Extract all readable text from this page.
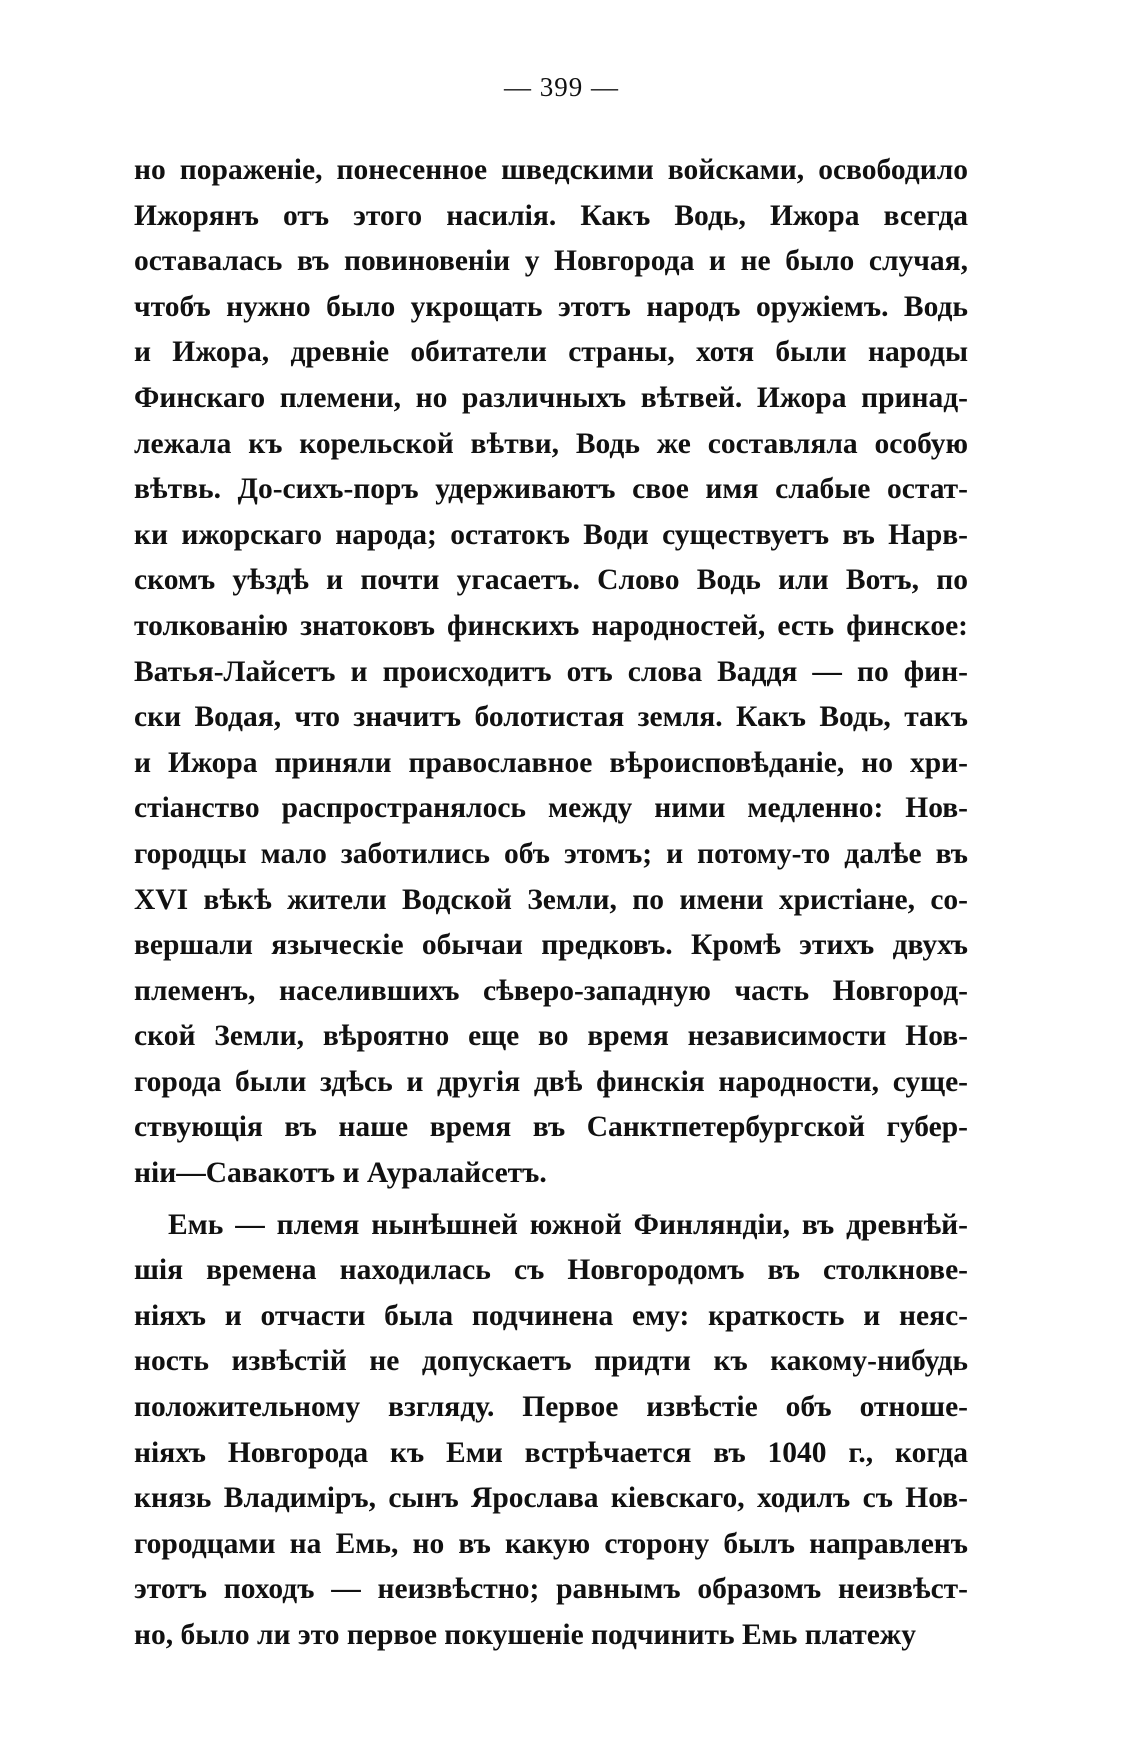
— 399 —
но пораженіе, понесенное шведскими войсками, освободило
Ижорянъ отъ этого насилія. Какъ Водь, Ижора всегда
оставалась въ повиновеніи у Новгорода и не было случая,
чтобъ нужно было укрощать этотъ народъ оружіемъ. Водь
и Ижора, древніе обитатели страны, хотя были народы
Финскаго племени, но различныхъ вѣтвей. Ижора принад-
лежала къ корельской вѣтви, Водь же составляла особую
вѣтвь. До-сихъ-поръ удерживаютъ свое имя слабые остат-
ки ижорскаго народа; остатокъ Води существуетъ въ Нарв-
скомъ уѣздѣ и почти угасаетъ. Слово Водь или Вотъ, по
толкованію знатоковъ финскихъ народностей, есть финское:
Ватья-Лайсетъ и происходитъ отъ слова Ваддя — по фин-
ски Водая, что значитъ болотистая земля. Какъ Водь, такъ
и Ижора приняли православное вѣроисповѣданіе, но хри-
стіанство распространялось между ними медленно: Нов-
городцы мало заботились объ этомъ; и потому-то далѣе въ
XVI вѣкѣ жители Водской Земли, по имени христіане, со-
вершали языческіе обычаи предковъ. Кромѣ этихъ двухъ
племенъ, населившихъ сѣверо-западную часть Новгород-
ской Земли, вѣроятно еще во время независимости Нов-
города были здѣсь и другія двѣ финскія народности, суще-
ствующія въ наше время въ Санктпетербургской губер-
ніи—Савакотъ и Ауралайсетъ.
Емь — племя нынѣшней южной Финляндіи, въ древнѣй-
шія времена находилась съ Новгородомъ въ столкнове-
ніяхъ и отчасти была подчинена ему: краткость и неяс-
ность извѣстій не допускаетъ придти къ какому-нибудь
положительному взгляду. Первое извѣстіе объ отноше-
ніяхъ Новгорода къ Еми встрѣчается въ 1040 г., когда
князь Владиміръ, сынъ Ярослава кіевскаго, ходилъ съ Нов-
городцами на Емь, но въ какую сторону былъ направленъ
этотъ походъ — неизвѣстно; равнымъ образомъ неизвѣст-
но, было ли это первое покушеніе подчинить Емь платежу
